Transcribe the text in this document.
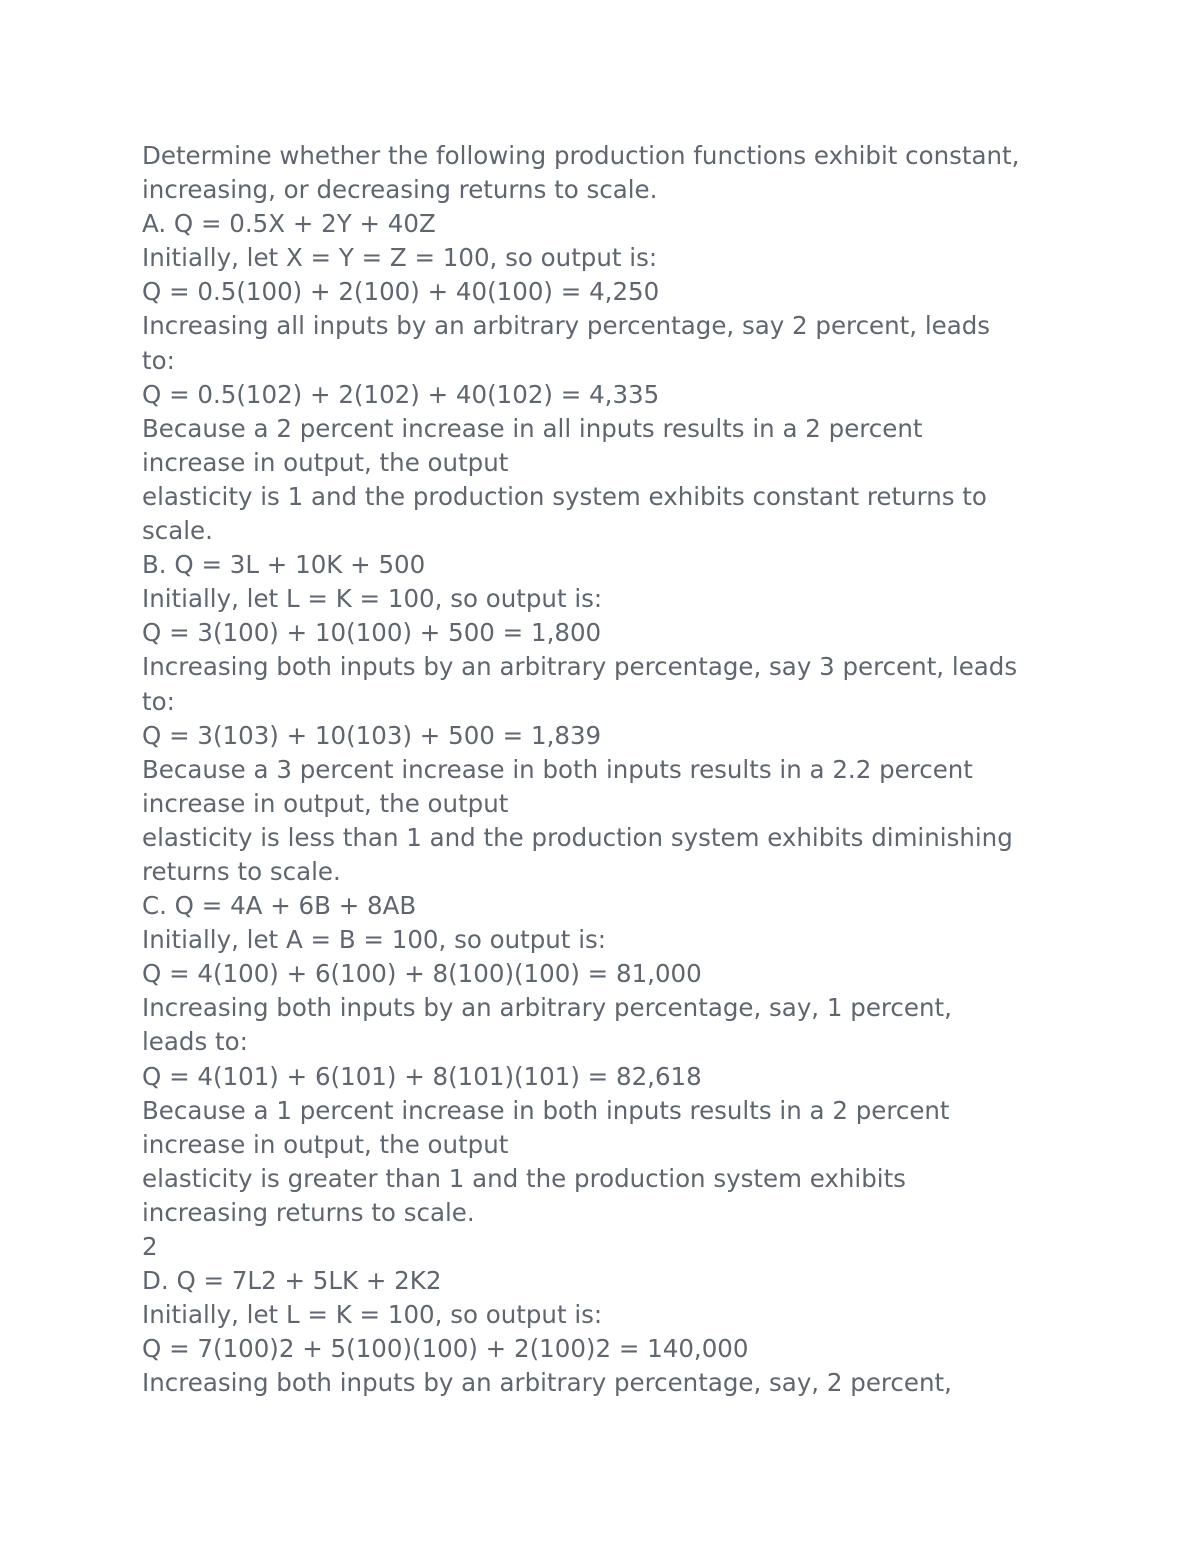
Determine whether the following production functions exhibit constant,
increasing, or decreasing returns to scale.
A. Q = 0.5X + 2Y + 40Z
Initially, let X = Y = Z = 100, so output is:
Q = 0.5(100) + 2(100) + 40(100) = 4,250
Increasing all inputs by an arbitrary percentage, say 2 percent, leads
to:
Q = 0.5(102) + 2(102) + 40(102) = 4,335
Because a 2 percent increase in all inputs results in a 2 percent
increase in output, the output
elasticity is 1 and the production system exhibits constant returns to
scale.
B. Q = 3L + 10K + 500
Initially, let L = K = 100, so output is:
Q = 3(100) + 10(100) + 500 = 1,800
Increasing both inputs by an arbitrary percentage, say 3 percent, leads
to:
Q = 3(103) + 10(103) + 500 = 1,839
Because a 3 percent increase in both inputs results in a 2.2 percent
increase in output, the output
elasticity is less than 1 and the production system exhibits diminishing
returns to scale.
C. Q = 4A + 6B + 8AB
Initially, let A = B = 100, so output is:
Q = 4(100) + 6(100) + 8(100)(100) = 81,000
Increasing both inputs by an arbitrary percentage, say, 1 percent,
leads to:
Q = 4(101) + 6(101) + 8(101)(101) = 82,618
Because a 1 percent increase in both inputs results in a 2 percent
increase in output, the output
elasticity is greater than 1 and the production system exhibits
increasing returns to scale.
2
D. Q = 7L2 + 5LK + 2K2
Initially, let L = K = 100, so output is:
Q = 7(100)2 + 5(100)(100) + 2(100)2 = 140,000
Increasing both inputs by an arbitrary percentage, say, 2 percent,
